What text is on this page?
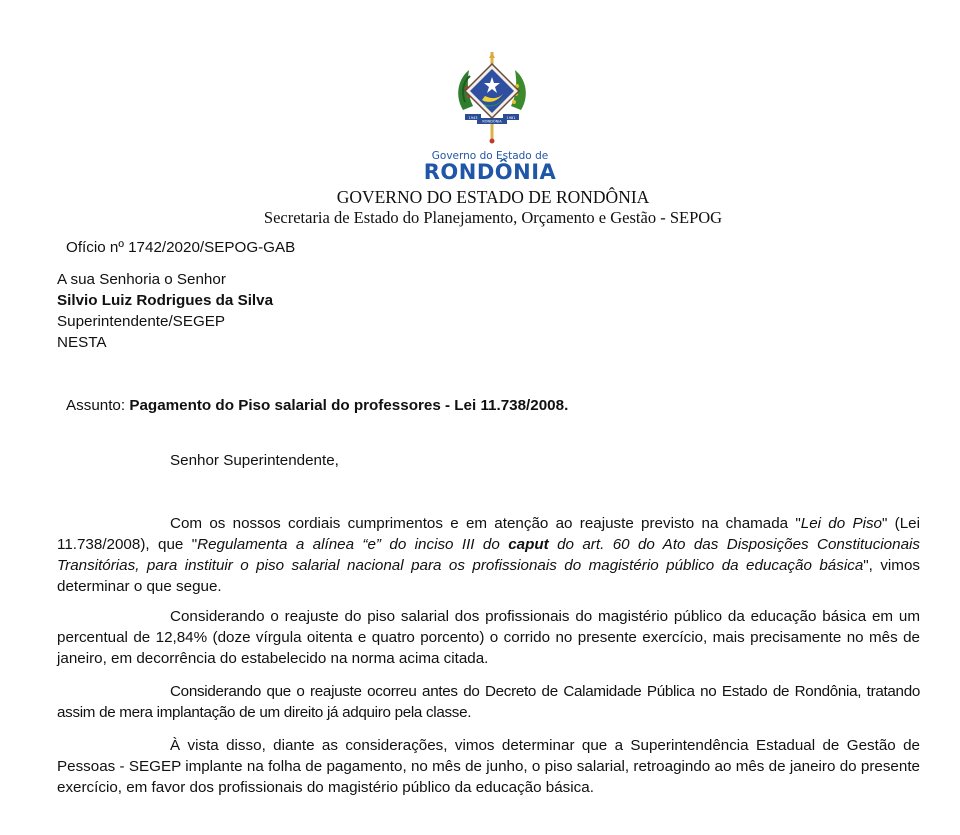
1943	1981
RONDÔNIA
Governo do Estado de
RONDÔNIA
GOVERNO DO ESTADO DE RONDÔNIA
Secretaria de Estado do Planejamento, Orçamento e Gestão - SEPOG
Ofício nº 1742/2020/SEPOG-GAB
A sua Senhoria o Senhor
Silvio Luiz Rodrigues da Silva
Superintendente/SEGEP
NESTA
Assunto: Pagamento do Piso salarial do professores - Lei 11.738/2008.
Senhor Superintendente,
Com os nossos cordiais cumprimentos e em atenção ao reajuste previsto na chamada "Lei do Piso" (Lei 11.738/2008), que "Regulamenta a alínea “e” do inciso III do caput do art. 60 do Ato das Disposições Constitucionais Transitórias, para instituir o piso salarial nacional para os profissionais do magistério público da educação básica", vimos determinar o que segue.
Considerando o reajuste do piso salarial dos profissionais do magistério público da educação básica em um percentual de 12,84% (doze vírgula oitenta e quatro porcento) o corrido no presente exercício, mais precisamente no mês de janeiro, em decorrência do estabelecido na norma acima citada.
Considerando que o reajuste ocorreu antes do Decreto de Calamidade Pública no Estado de Rondônia, tratando assim de mera implantação de um direito já adquiro pela classe.
À vista disso, diante as considerações, vimos determinar que a Superintendência Estadual de Gestão de Pessoas - SEGEP implante na folha de pagamento, no mês de junho, o piso salarial, retroagindo ao mês de janeiro do presente exercício, em favor dos profissionais do magistério público da educação básica.
